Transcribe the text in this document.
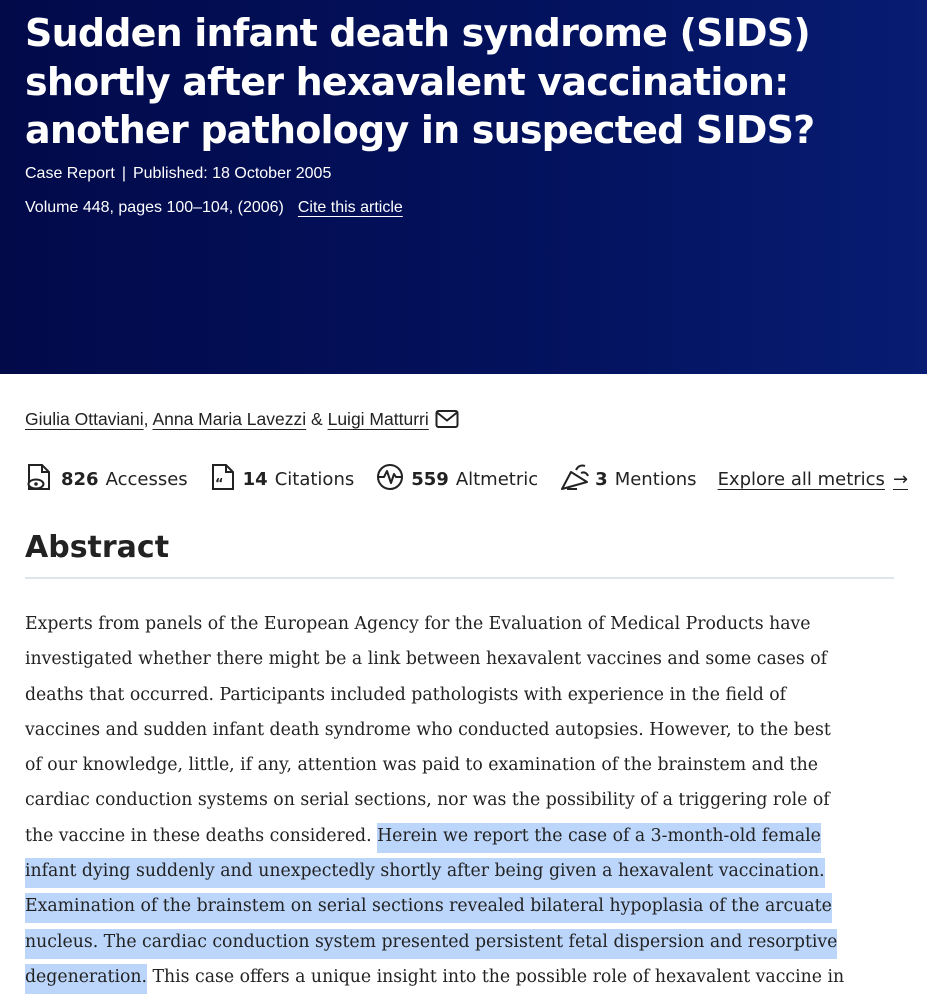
Sudden infant death syndrome (SIDS)
shortly after hexavalent vaccination:
another pathology in suspected SIDS?
Case Report | Published: 18 October 2005
Volume 448, pages 100–104, (2006) Cite this article
Giulia Ottaviani, Anna Maria Lavezzi & Luigi Matturri
826 Accesses “ 14 Citations	559 Altmetric	3 Mentions Explore all metrics →
Abstract

Experts from panels of the European Agency for the Evaluation of Medical Products have
investigated whether there might be a link between hexavalent vaccines and some cases of
deaths that occurred. Participants included pathologists with experience in the field of
vaccines and sudden infant death syndrome who conducted autopsies. However, to the best
of our knowledge, little, if any, attention was paid to examination of the brainstem and the
cardiac conduction systems on serial sections, nor was the possibility of a triggering role of
the vaccine in these deaths considered. Herein we report the case of a 3-month-old female
infant dying suddenly and unexpectedly shortly after being given a hexavalent vaccination.
Examination of the brainstem on serial sections revealed bilateral hypoplasia of the arcuate
nucleus. The cardiac conduction system presented persistent fetal dispersion and resorptive
degeneration. This case offers a unique insight into the possible role of hexavalent vaccine in
